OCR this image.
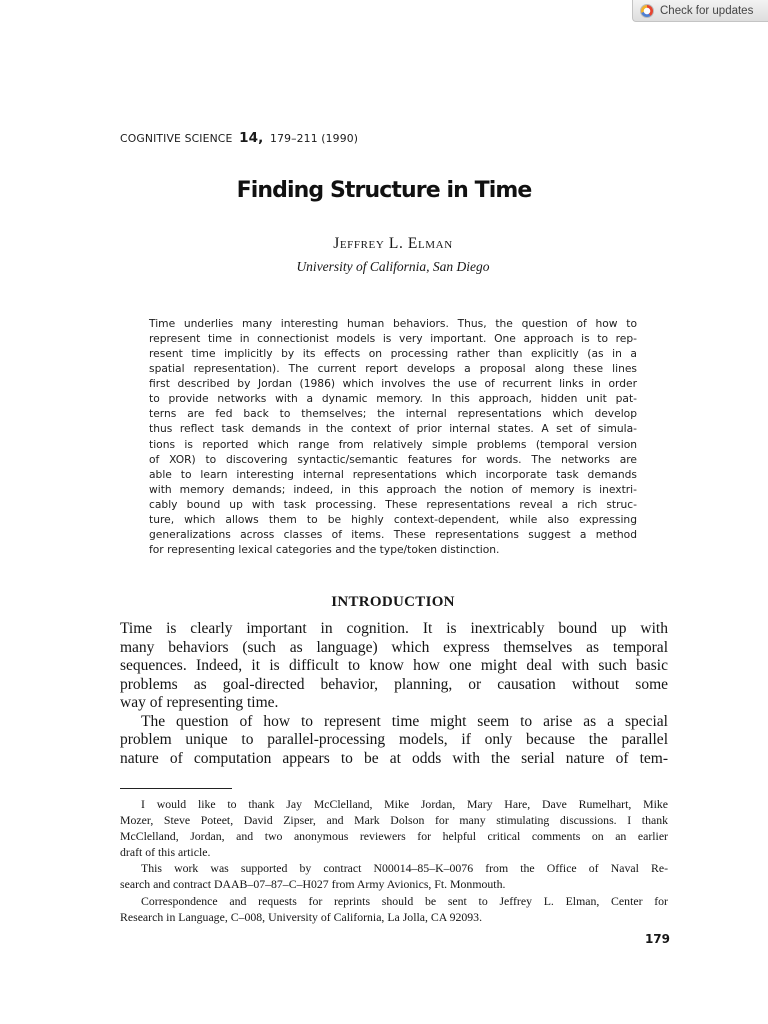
Check for updates
COGNITIVE SCIENCE 14, 179–211 (1990)
Finding Structure in Time
Jeffrey L. Elman
University of California, San Diego
Time underlies many interesting human behaviors. Thus, the question of how to
represent time in connectionist models is very important. One approach is to rep-
resent time implicitly by its effects on processing rather than explicitly (as in a
spatial representation). The current report develops a proposal along these lines
first described by Jordan (1986) which involves the use of recurrent links in order
to provide networks with a dynamic memory. In this approach, hidden unit pat-
terns are fed back to themselves; the internal representations which develop
thus reflect task demands in the context of prior internal states. A set of simula-
tions is reported which range from relatively simple problems (temporal version
of XOR) to discovering syntactic/semantic features for words. The networks are
able to learn interesting internal representations which incorporate task demands
with memory demands; indeed, in this approach the notion of memory is inextri-
cably bound up with task processing. These representations reveal a rich struc-
ture, which allows them to be highly context-dependent, while also expressing
generalizations across classes of items. These representations suggest a method
for representing lexical categories and the type/token distinction.
INTRODUCTION
Time is clearly important in cognition. It is inextricably bound up with
many behaviors (such as language) which express themselves as temporal
sequences. Indeed, it is difficult to know how one might deal with such basic
problems as goal-directed behavior, planning, or causation without some
way of representing time.
The question of how to represent time might seem to arise as a special
problem unique to parallel-processing models, if only because the parallel
nature of computation appears to be at odds with the serial nature of tem-
I would like to thank Jay McClelland, Mike Jordan, Mary Hare, Dave Rumelhart, Mike
Mozer, Steve Poteet, David Zipser, and Mark Dolson for many stimulating discussions. I thank
McClelland, Jordan, and two anonymous reviewers for helpful critical comments on an earlier
draft of this article.
This work was supported by contract N00014–85–K–0076 from the Office of Naval Re-
search and contract DAAB–07–87–C–H027 from Army Avionics, Ft. Monmouth.
Correspondence and requests for reprints should be sent to Jeffrey L. Elman, Center for
Research in Language, C–008, University of California, La Jolla, CA 92093.
179
